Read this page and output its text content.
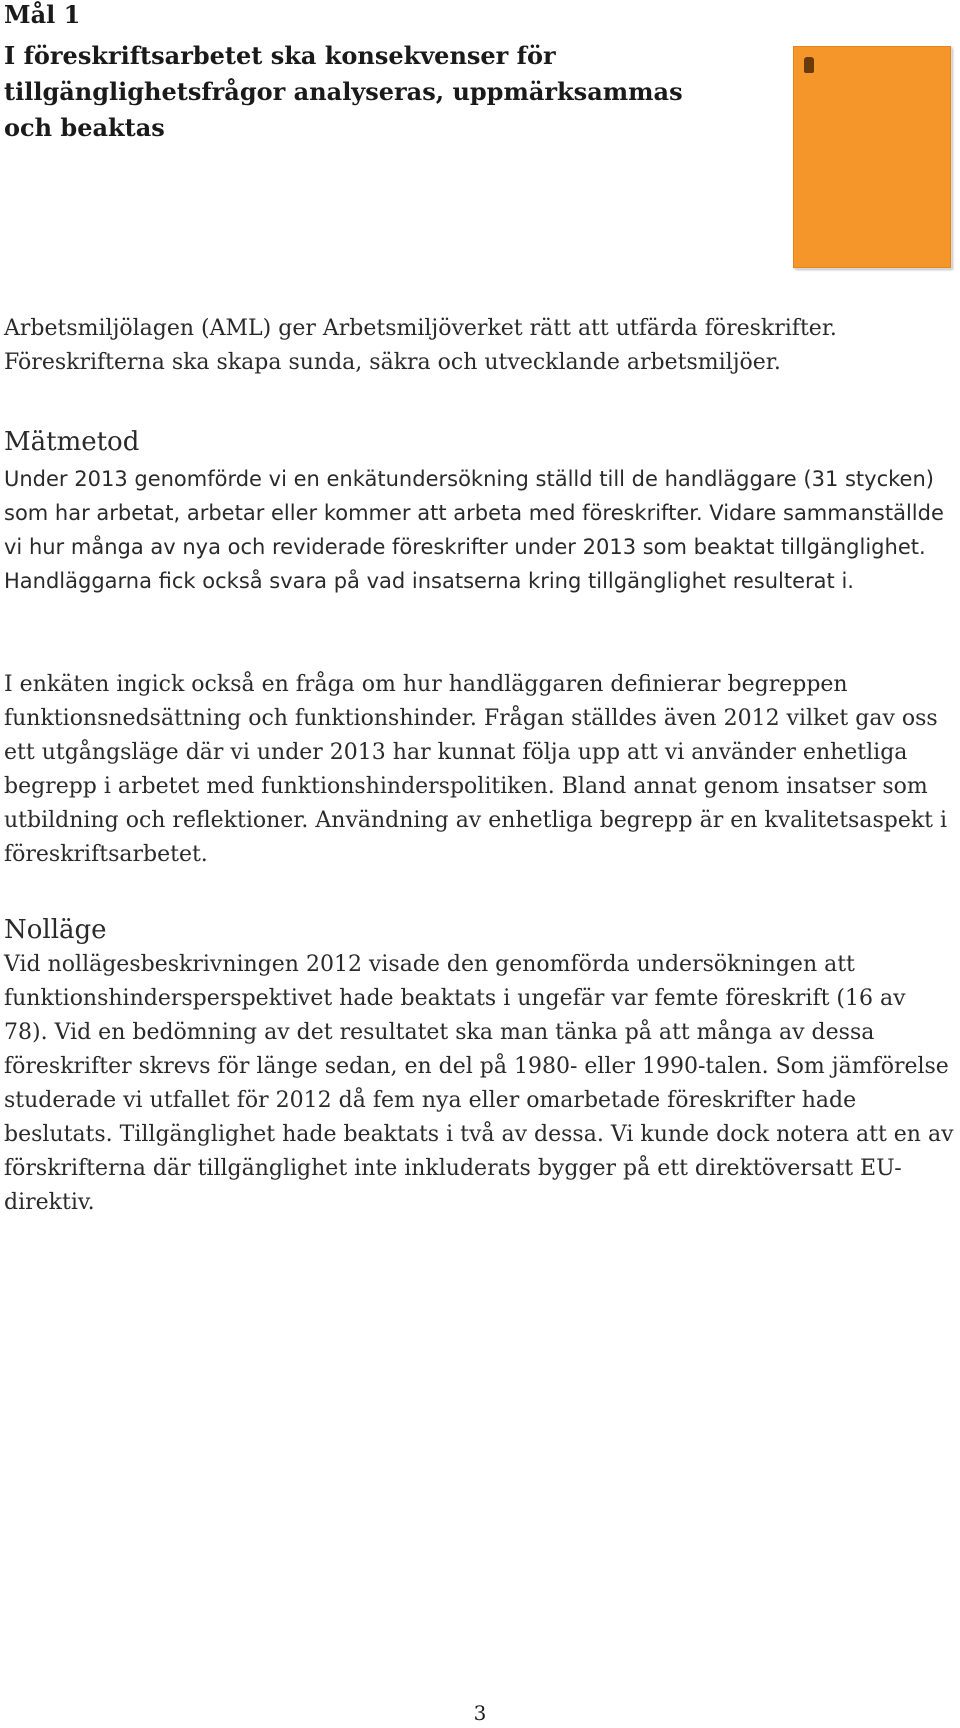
Mål 1
I föreskriftsarbetet ska konsekvenser för tillgänglighetsfrågor analyseras, uppmärksammas och beaktas

Arbetsmiljölagen (AML) ger Arbetsmiljöverket rätt att utfärda föreskrifter. Föreskrifterna ska skapa sunda, säkra och utvecklande arbetsmiljöer.

Mätmetod

Under 2013 genomförde vi en enkätundersökning ställd till de handläggare (31 stycken) som har arbetat, arbetar eller kommer att arbeta med föreskrifter. Vidare sammanställde vi hur många av nya och reviderade föreskrifter under 2013 som beaktat tillgänglighet. Handläggarna fick också svara på vad insatserna kring tillgänglighet resulterat i.

I enkäten ingick också en fråga om hur handläggaren definierar begreppen funktionsnedsättning och funktionshinder. Frågan ställdes även 2012 vilket gav oss ett utgångsläge där vi under 2013 har kunnat följa upp att vi använder enhetliga begrepp i arbetet med funktionshinderspolitiken. Bland annat genom insatser som utbildning och reflektioner. Användning av enhetliga begrepp är en kvalitetsaspekt i föreskriftsarbetet.

Nolläge

Vid nollägesbeskrivningen 2012 visade den genomförda undersökningen att funktionshindersperspektivet hade beaktats i ungefär var femte föreskrift (16 av 78). Vid en bedömning av det resultatet ska man tänka på att många av dessa föreskrifter skrevs för länge sedan, en del på 1980- eller 1990-talen. Som jämförelse studerade vi utfallet för 2012 då fem nya eller omarbetade föreskrifter hade beslutats. Tillgänglighet hade beaktats i två av dessa. Vi kunde dock notera att en av förskrifterna där tillgänglighet inte inkluderats bygger på ett direktöversatt EU-direktiv.

3
